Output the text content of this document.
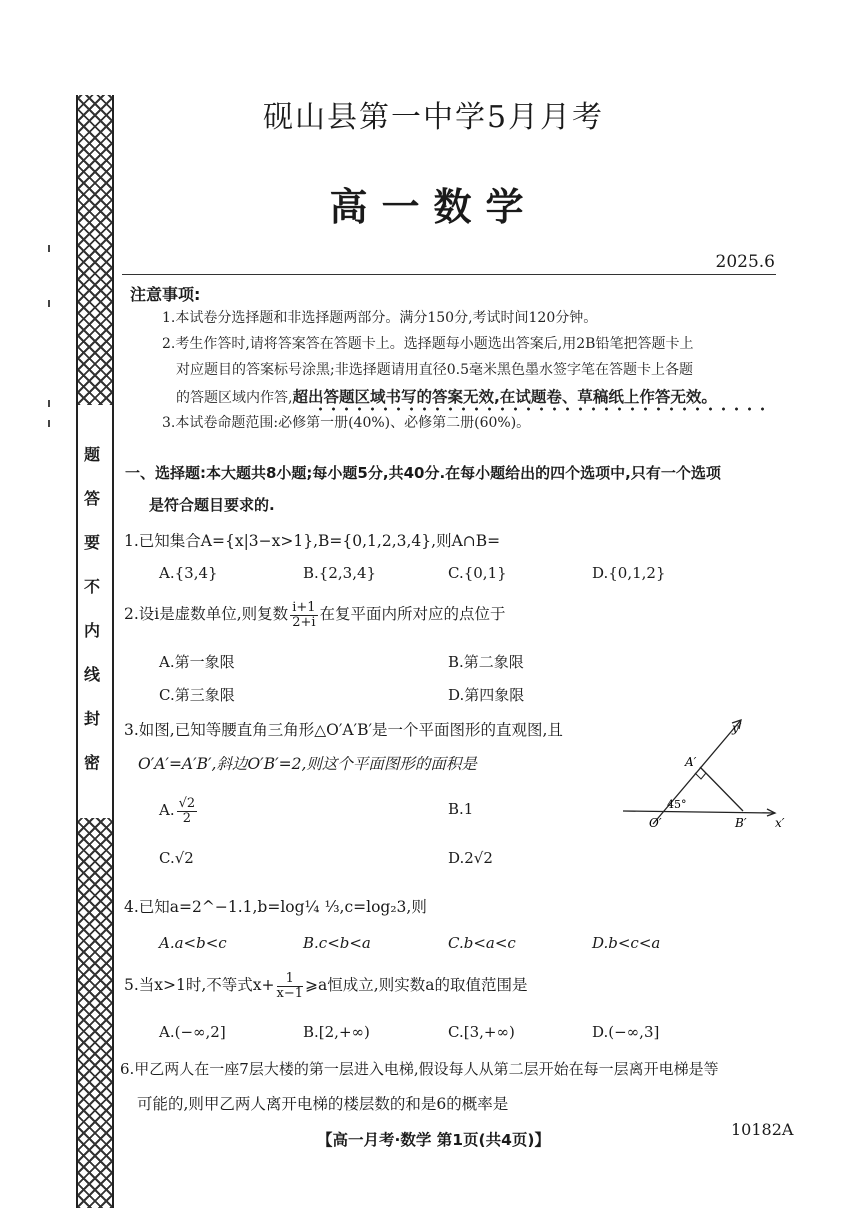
密
封
线
内
不
要
答
题
砚山县第一中学5月月考
高一数学
2025.6
注意事项:
1.本试卷分选择题和非选择题两部分。满分150分,考试时间120分钟。
2.考生作答时,请将答案答在答题卡上。选择题每小题选出答案后,用2B铅笔把答题卡上
对应题目的答案标号涂黑;非选择题请用直径0.5毫米黑色墨水签字笔在答题卡上各题
的答题区域内作答,超出答题区域书写的答案无效,在试题卷、草稿纸上作答无效。
3.本试卷命题范围:必修第一册(40%)、必修第二册(60%)。
一、选择题:本大题共8小题;每小题5分,共40分.在每小题给出的四个选项中,只有一个选项
是符合题目要求的.
1.已知集合A={x|3−x>1},B={0,1,2,3,4},则A∩B=
A.{3,4}	B.{2,3,4}	C.{0,1}	D.{0,1,2}
2.设i是虚数单位,则复数 $\frac{i+1}{2+i}$ 在复平面内所对应的点位于
A.第一象限	B.第二象限
C.第三象限	D.第四象限
3.如图,已知等腰直角三角形△O′A′B′是一个平面图形的直观图,且
O′A′=A′B′,斜边O′B′=2,则这个平面图形的面积是
A. $\frac{√2}{2}$	B.1
C.√2	D.2√2
y′
x′
A′
O′	B′
45°
4.已知a=2^−1.1,b=log¼ ⅓,c=log₂3,则
A.a<b<c	B.c<b<a	C.b<a<c	D.b<c<a
5.当x>1时,不等式$x+ \frac{1}{x-1}$ ⩾a恒成立,则实数a的取值范围是
A.(−∞,2]	B.[2,+∞)	C.[3,+∞)	D.(−∞,3]
6.甲乙两人在一座7层大楼的第一层进入电梯,假设每人从第二层开始在每一层离开电梯是等
可能的,则甲乙两人离开电梯的楼层数的和是6的概率是
【高一月考·数学 第1页(共4页)】
10182A
